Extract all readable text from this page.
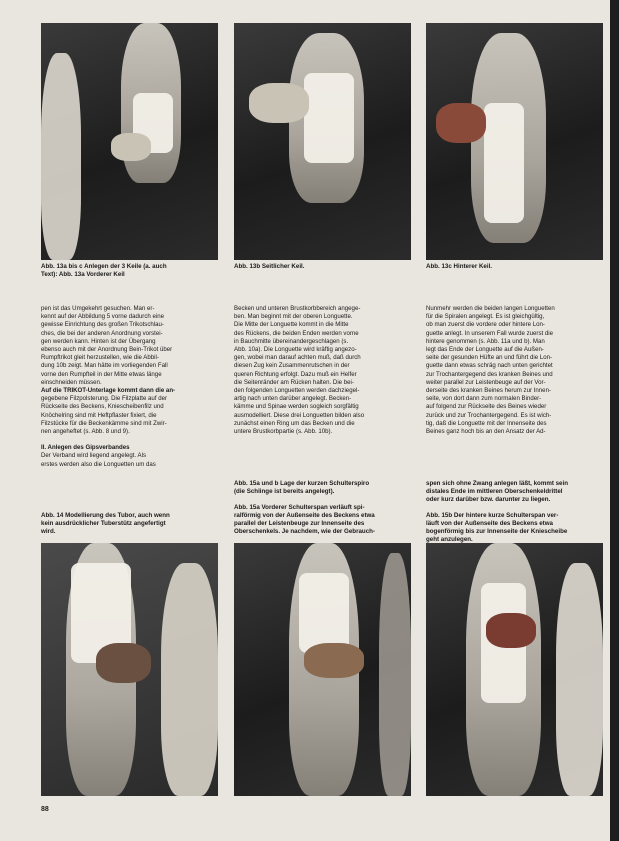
Abb. 13a bis c Anlegen der 3 Keile (a. auch
Text): Abb. 13a Vorderer Keil
Abb. 13b Seitlicher Keil.	Abb. 13c Hinterer Keil.

pen ist das Umgekehrt gesuchen. Man er-

kennt auf der Abbildung 5 vorne dadurch eine

gewisse Einrichtung des großen Trikotschlau-

ches, die bei der anderen Anordnung vorstei-

gen werden kann. Hinten ist der Übergang

ebenso auch mit der Anordnung Bein-Trikot über

Rumpftrikot gleit herzustellen, wie die Abbil-

dung 10b zeigt. Man hätte im vorliegenden Fall

vorne den Rumpfteil in der Mitte etwas länge

einschneiden müssen.

Auf die TRIKOT-Unterlage kommt dann die an-

gegebene Filzpolsterung. Die Filzplatte auf der

Rückseite des Beckens, Kniescheibenfilz und

Knöchelring sind mit Heftpflaster fixiert, die

Filzstücke für die Beckenkämme sind mit Zwir-

nen angeheftet (s. Abb. 8 und 9).

II. Anlegen des Gipsverbandes

Der Verband wird liegend angelegt. Als

erstes werden also die Longuetten um das

Becken und unteren Brustkorbbereich angege-

ben. Man beginnt mit der oberen Longuette.

Die Mitte der Longuette kommt in die Mitte

des Rückens, die beiden Enden werden vorne

in Bauchmitte übereinandergeschlagen (s.

Abb. 10a). Die Longuette wird kräftig angezo-

gen, wobei man darauf achten muß, daß durch

diesen Zug kein Zusammenrutschen in der

queren Richtung erfolgt. Dazu muß ein Helfer

die Seitenränder am Rücken halten. Die bei-

den folgenden Longuetten werden dachziegel-

artig nach unten darüber angelegt. Becken-

kämme und Spinae werden sogleich sorgfältig

ausmodelliert. Diese drei Longuetten bilden also

zunächst einen Ring um das Becken und die

untere Brustkorbpartie (s. Abb. 10b).

Nunmehr werden die beiden langen Longuetten

für die Spiralen angelegt. Es ist gleichgültig,

ob man zuerst die vordere oder hintere Lon-

guette anlegt. In unserem Fall wurde zuerst die

hintere genommen (s. Abb. 11a und b). Man

legt das Ende der Longuette auf die Außen-

seite der gesunden Hüfte an und führt die Lon-

guette dann etwas schräg nach unten gerichtet

zur Trochantergegend des kranken Beines und

weiter parallel zur Leistenbeuge auf der Vor-

derseite des kranken Beines herum zur Innen-

seite, von dort dann zum normalen Binder-

auf folgend zur Rückseite des Beines wieder

zurück und zur Trochantergegend. Es ist wich-

tig, daß die Longuette mit der Innenseite des

Beines ganz hoch bis an den Ansatz der Ad-

Abb. 14 Modellierung des Tubor, auch wenn
kein ausdrücklicher Tuberstütz angefertigt
wird.
Abb. 15a und b Lage der kurzen Schulterspiro
(die Schlinge ist bereits angelegt).
Abb. 15a Vorderer Schulterspan verläuft spi-
ralförmig von der Außenseite des Beckens etwa
parallel der Leistenbeuge zur Innenseite des
Oberschenkels. Je nachdem, wie der Gebrauch-
spen sich ohne Zwang anlegen läßt, kommt sein
distales Ende im mittleren Oberschenkeldrittel
oder kurz darüber bzw. darunter zu liegen.
Abb. 15b Der hintere kurze Schulterspan ver-
läuft von der Außenseite des Beckens etwa
bogenförmig bis zur Innenseite der Kniescheibe
geht anzulegen.
88
